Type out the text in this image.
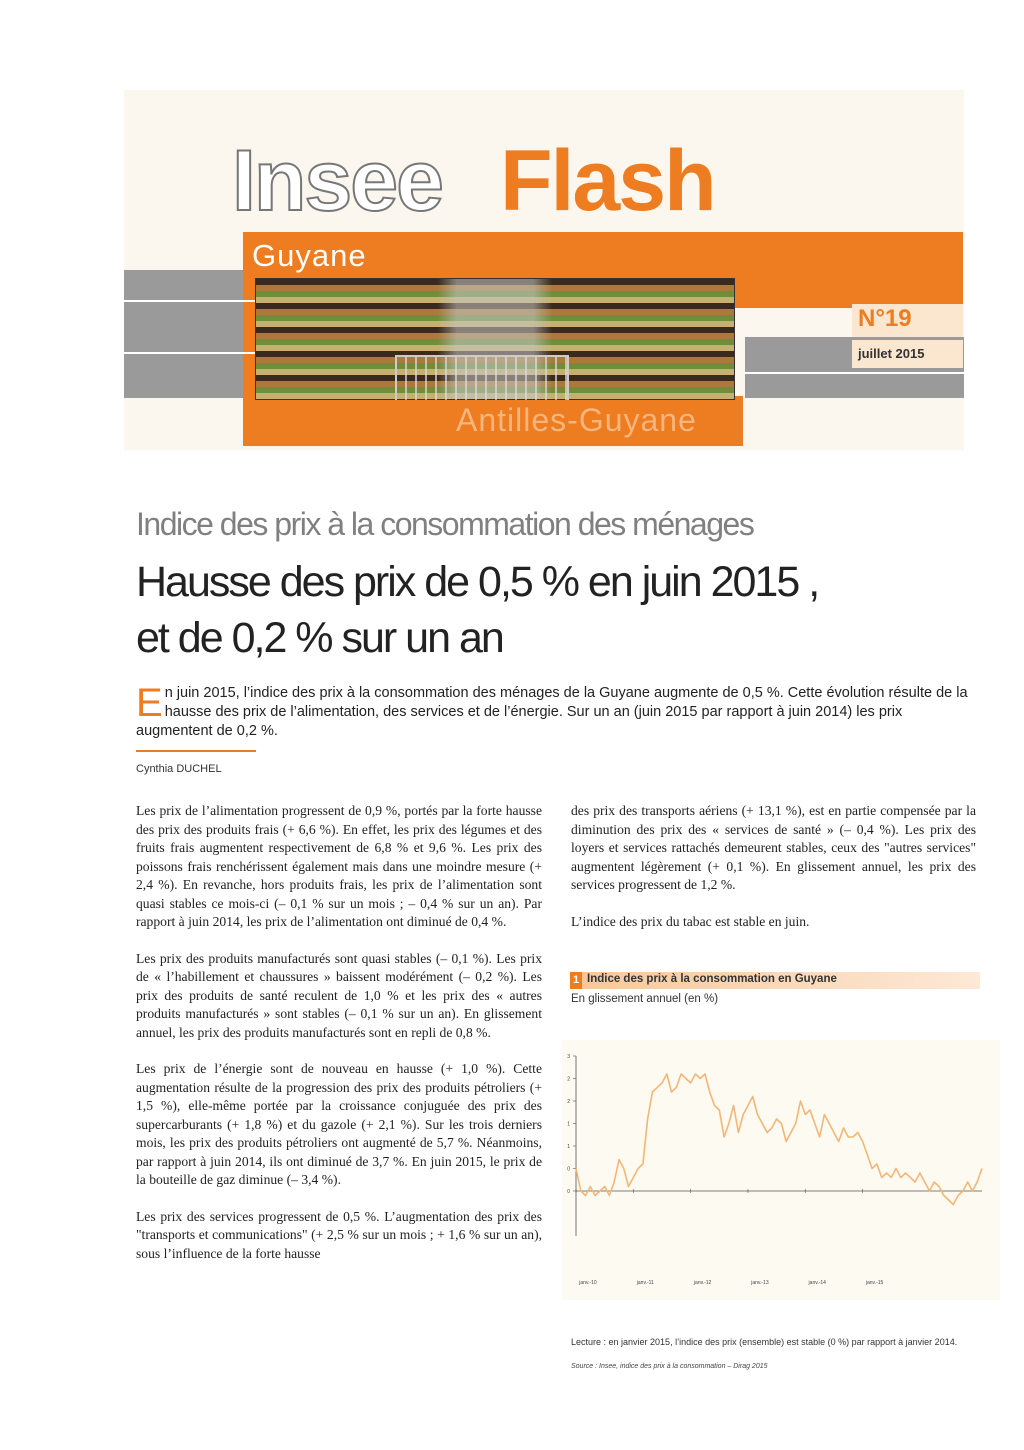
Insee Flash
Guyane
N°19
juillet 2015
Antilles-Guyane
Indice des prix à la consommation des ménages
Hausse des prix de 0,5 % en juin 2015 ,
et de 0,2 % sur un an
En juin 2015, l’indice des prix à la consommation des ménages de la Guyane augmente de 0,5 %. Cette évolution résulte de la hausse des prix de l’alimentation, des services et de l’énergie. Sur un an (juin 2015 par rapport à juin 2014) les prix augmentent de 0,2 %.
Cynthia DUCHEL

Les prix de l’alimentation progressent de 0,9 %, portés par la forte hausse des prix des produits frais (+ 6,6 %). En effet, les prix des légumes et des fruits frais augmentent respectivement de 6,8 % et 9,6 %. Les prix des poissons frais renchérissent également mais dans une moindre mesure (+ 2,4 %). En revanche, hors produits frais, les prix de l’alimentation sont quasi stables ce mois-ci (– 0,1 % sur un mois ; – 0,4 % sur un an). Par rapport à juin 2014, les prix de l’alimentation ont diminué de 0,4 %.

Les prix des produits manufacturés sont quasi stables (– 0,1 %). Les prix de « l’habillement et chaussures » baissent modérément (– 0,2 %). Les prix des produits de santé reculent de 1,0 % et les prix des « autres produits manufacturés » sont stables (– 0,1 % sur un an). En glissement annuel, les prix des produits manufacturés sont en repli de 0,8 %.

Les prix de l’énergie sont de nouveau en hausse (+ 1,0 %). Cette augmentation résulte de la progression des prix des produits pétroliers (+ 1,5 %), elle-même portée par la croissance conjuguée des prix des supercarburants (+ 1,8 %) et du gazole (+ 2,1 %). Sur les trois derniers mois, les prix des produits pétroliers ont augmenté de 5,7 %. Néanmoins, par rapport à juin 2014, ils ont diminué de 3,7 %. En juin 2015, le prix de la bouteille de gaz diminue (– 3,4 %).

Les prix des services progressent de 0,5 %. L’augmentation des prix des "transports et communications" (+ 2,5 % sur un mois ; + 1,6 % sur un an), sous l’influence de la forte hausse

des prix des transports aériens (+ 13,1 %), est en partie compensée par la diminution des prix des « services de santé » (– 0,4 %). Les prix des loyers et services rattachés demeurent stables, ceux des "autres services" augmentent légèrement (+ 0,1 %). En glissement annuel, les prix des services progressent de 1,2 %.

L’indice des prix du tabac est stable en juin.

1 Indice des prix à la consommation en Guyane
En glissement annuel (en %)
3
2
2
1
1
0
0
janv.-10	janv.-11	janv.-12	janv.-13	janv.-14	janv.-15
Lecture : en janvier 2015, l’indice des prix (ensemble) est stable (0 %) par rapport à janvier 2014.
Source : Insee, indice des prix à la consommation – Dirag 2015
